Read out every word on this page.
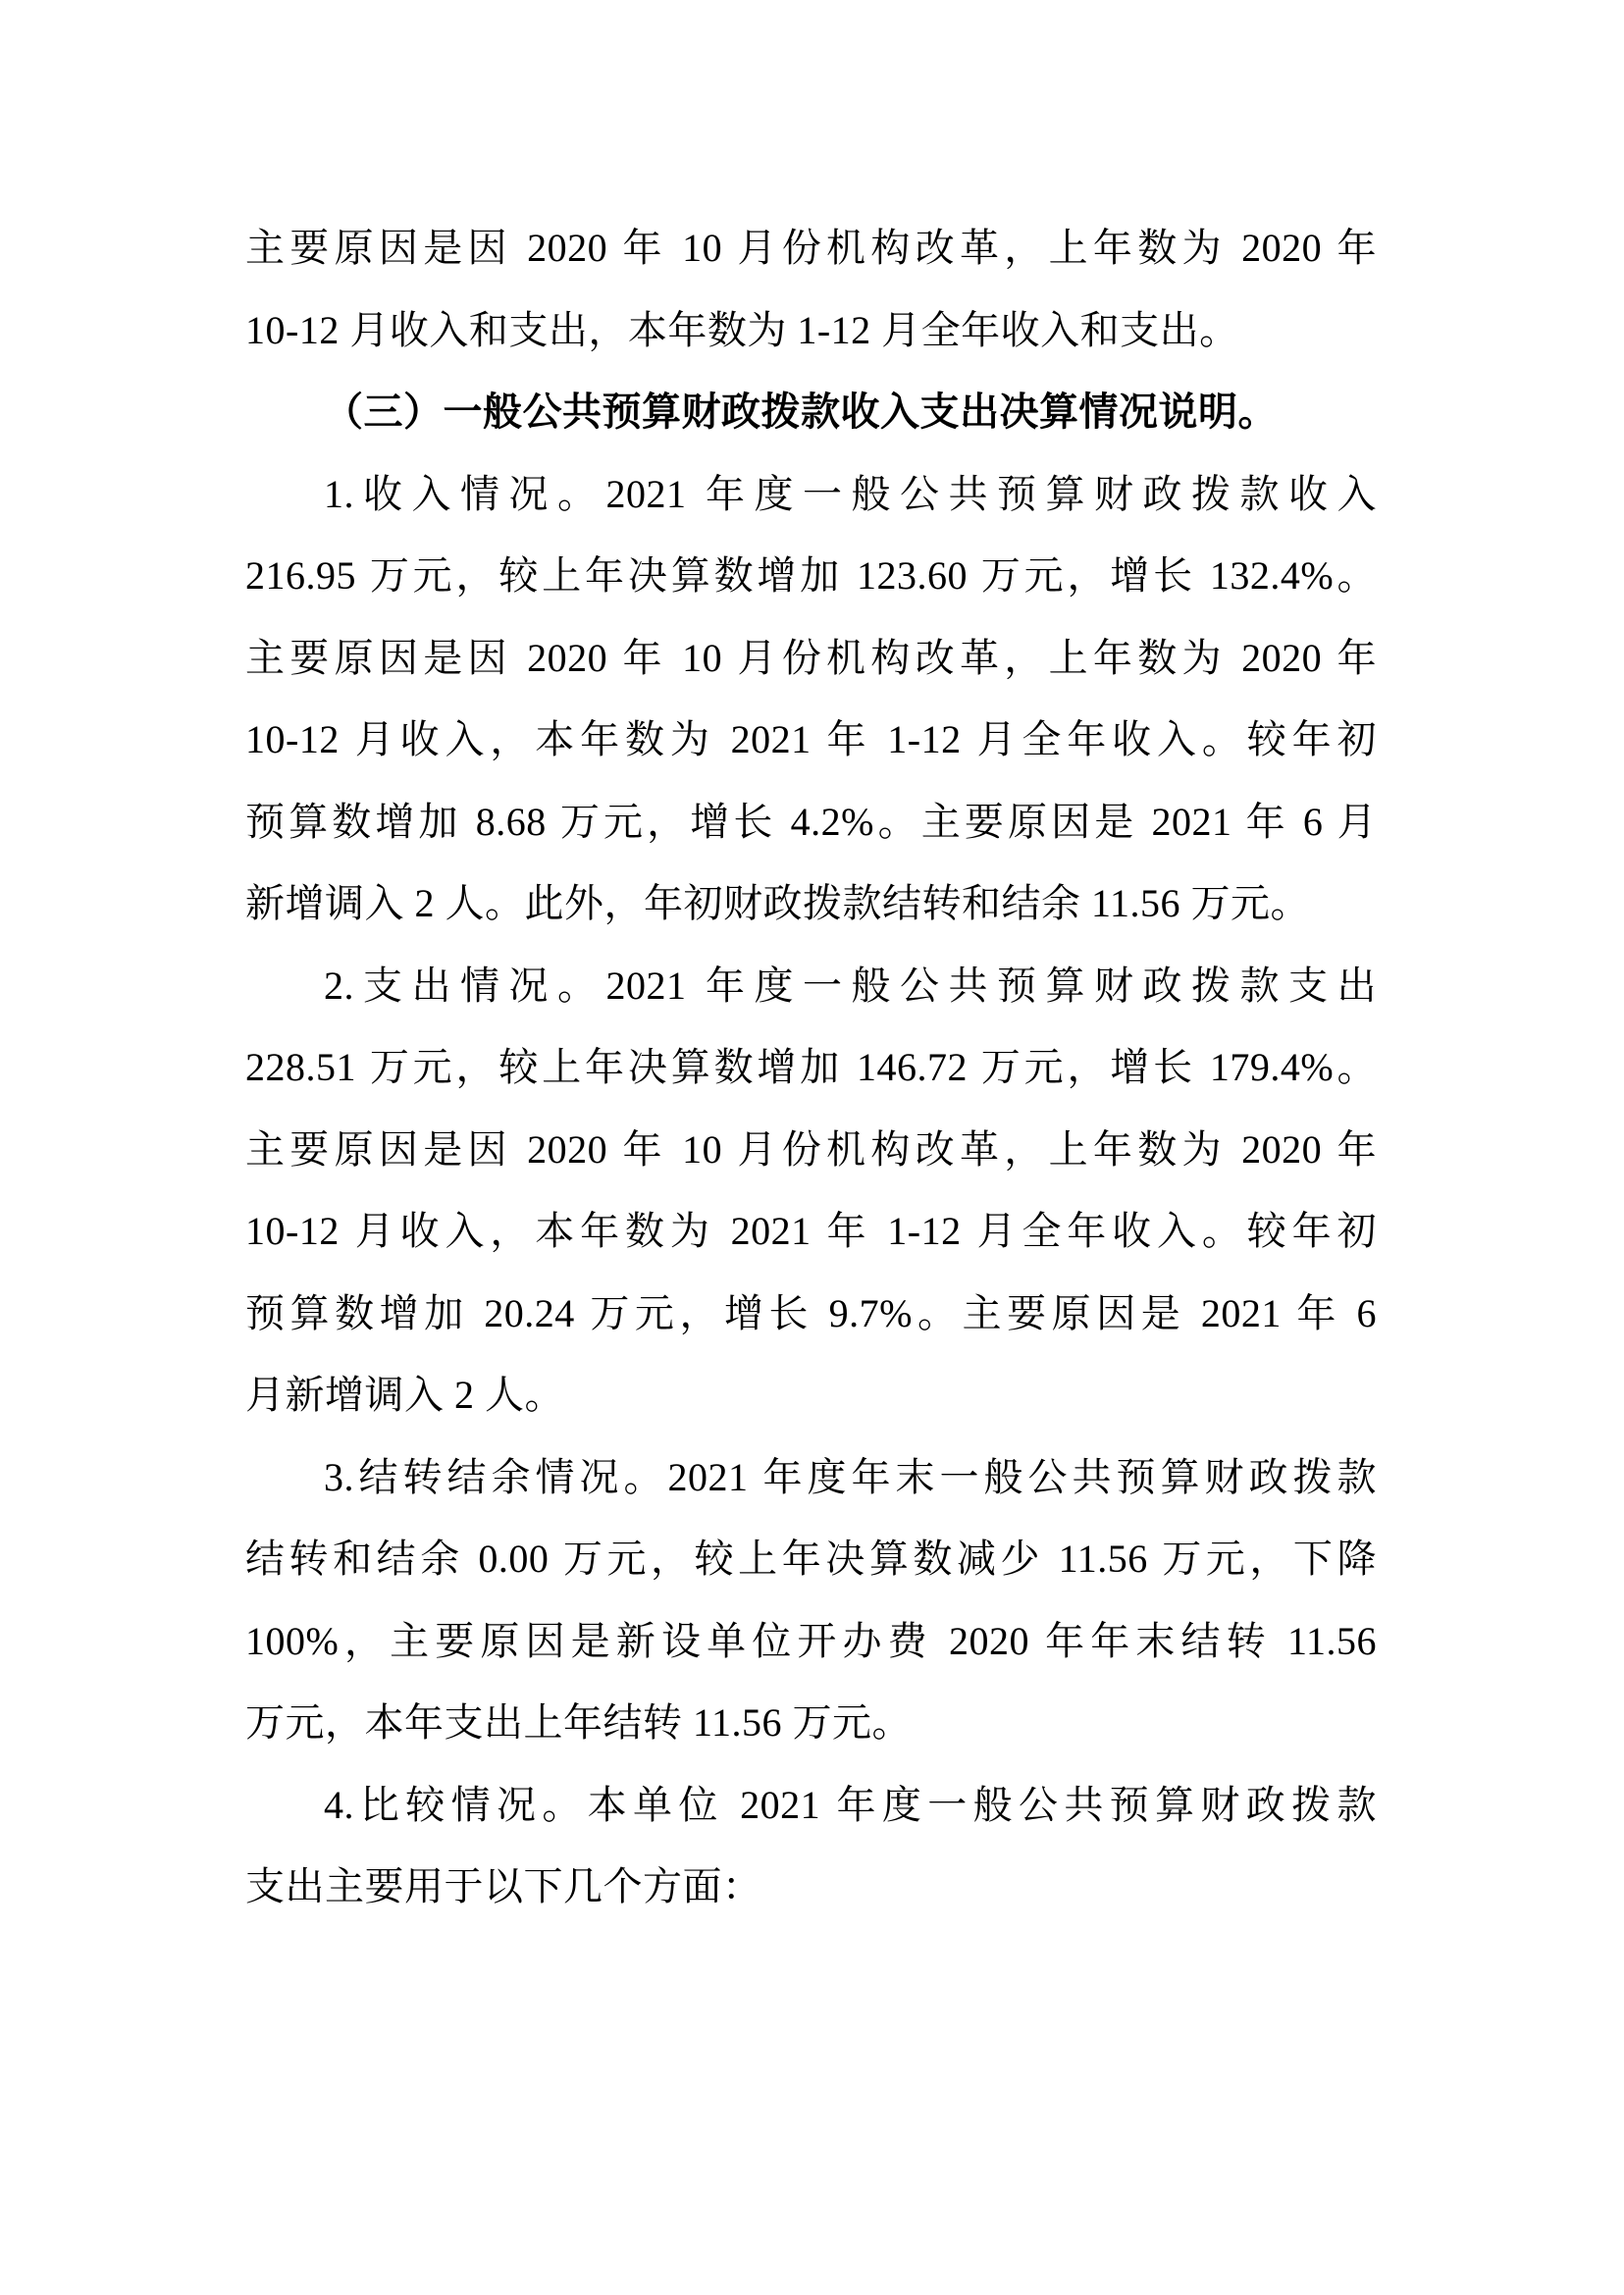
主要原因是因 2020 年 10 月份机构改革，上年数为 2020 年
10-12 月收入和支出，本年数为 1-12 月全年收入和支出。
（三）一般公共预算财政拨款收入支出决算情况说明。
1.收入情况。2021 年度一般公共预算财政拨款收入
216.95 万元，较上年决算数增加 123.60 万元，增长 132.4%。
主要原因是因 2020 年 10 月份机构改革，上年数为 2020 年
10-12 月收入，本年数为 2021 年 1-12 月全年收入。较年初
预算数增加 8.68 万元，增长 4.2%。主要原因是 2021 年 6 月
新增调入 2 人。此外，年初财政拨款结转和结余 11.56 万元。
2.支出情况。2021 年度一般公共预算财政拨款支出
228.51 万元，较上年决算数增加 146.72 万元，增长 179.4%。
主要原因是因 2020 年 10 月份机构改革，上年数为 2020 年
10-12 月收入，本年数为 2021 年 1-12 月全年收入。较年初
预算数增加 20.24 万元，增长 9.7%。主要原因是 2021 年 6
月新增调入 2 人。
3.结转结余情况。2021 年度年末一般公共预算财政拨款
结转和结余 0.00 万元，较上年决算数减少 11.56 万元，下降
100%，主要原因是新设单位开办费 2020 年年末结转 11.56
万元，本年支出上年结转 11.56 万元。
4.比较情况。本单位 2021 年度一般公共预算财政拨款
支出主要用于以下几个方面：
